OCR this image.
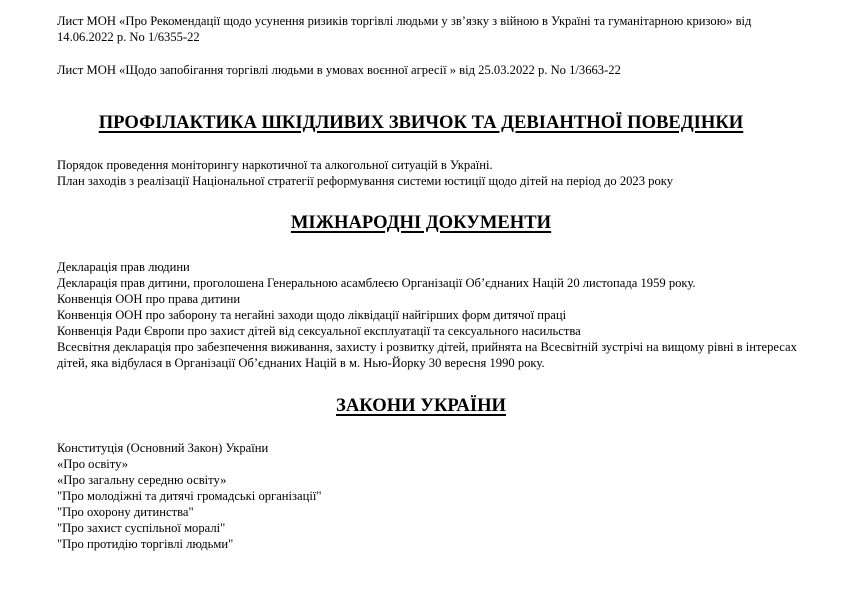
Лист МОН «Про Рекомендації щодо усунення ризиків торгівлі людьми у зв’язку з війною в Україні та гуманітарною кризою» від 14.06.2022 р. No 1/6355-22

Лист МОН «Щодо запобігання торгівлі людьми в умовах воєнної агресії » від 25.03.2022 р. No 1/3663-22

ПРОФІЛАКТИКА ШКІДЛИВИХ ЗВИЧОК ТА ДЕВІАНТНОЇ ПОВЕДІНКИ
Порядок проведення моніторингу наркотичної та алкогольної ситуацій в Україні.
План заходів з реалізації Національної стратегії реформування системи юстиції щодо дітей на період до 2023 року
МІЖНАРОДНІ ДОКУМЕНТИ
Декларація прав людини
Декларація прав дитини, проголошена Генеральною асамблеєю Організації Об’єднаних Націй 20 листопада 1959 року.
Конвенція ООН про права дитини
Конвенція ООН про заборону та негайні заходи щодо ліквідації найгірших форм дитячої праці
Конвенція Ради Європи про захист дітей від сексуальної експлуатації та сексуального насильства
Всесвітня декларація про забезпечення виживання, захисту і розвитку дітей, прийнята на Всесвітній зустрічі на вищому рівні в інтересах дітей, яка відбулася в Організації Об’єднаних Націй в м. Нью-Йорку 30 вересня 1990 року.
ЗАКОНИ УКРАЇНИ
Конституція (Основний Закон) України
«Про освіту»
«Про загальну середню освіту»
"Про молодіжні та дитячі громадські організації"
"Про охорону дитинства"
"Про захист суспільної моралі"
"Про протидію торгівлі людьми"
